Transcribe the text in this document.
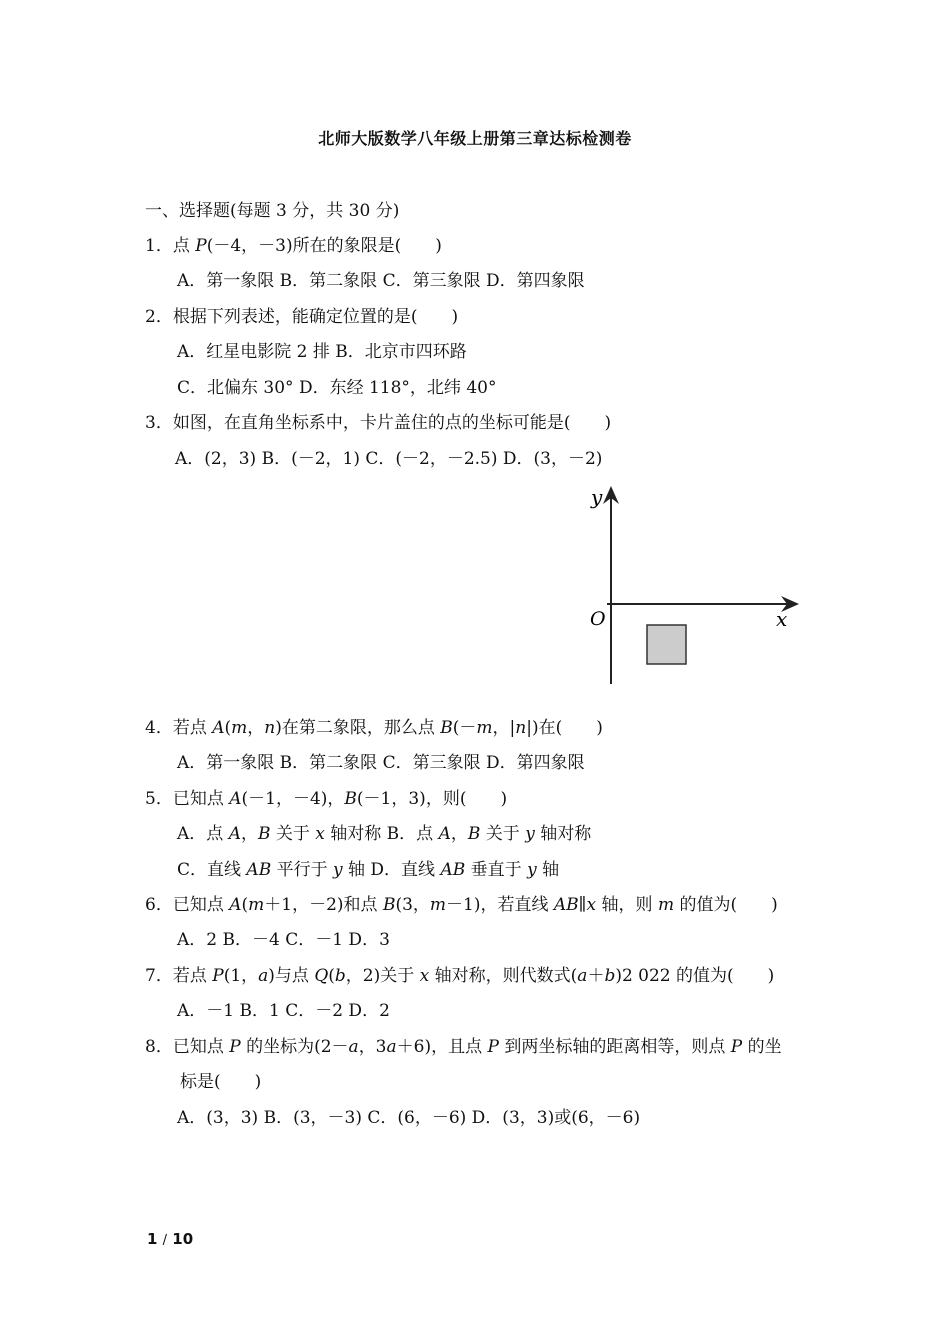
北师大版数学八年级上册第三章达标检测卷
一、选择题(每题 3 分，共 30 分)
1．点 P(－4，－3)所在的象限是(　　)
A．第一象限 B．第二象限 C．第三象限 D．第四象限
2．根据下列表述，能确定位置的是(　　)
A．红星电影院 2 排 B．北京市四环路
C．北偏东 30° D．东经 118°，北纬 40°
3．如图，在直角坐标系中，卡片盖住的点的坐标可能是(　　)
A．(2，3) B．(－2，1) C．(－2，－2.5) D．(3，－2)
y
x
O
4．若点 A(m，n)在第二象限，那么点 B(－m，|n|)在(　　)
A．第一象限 B．第二象限 C．第三象限 D．第四象限
5．已知点 A(－1，－4)，B(－1，3)，则(　　)
A．点 A，B 关于 x 轴对称 B．点 A，B 关于 y 轴对称
C．直线 AB 平行于 y 轴 D．直线 AB 垂直于 y 轴
6．已知点 A(m＋1，－2)和点 B(3，m－1)，若直线 AB∥x 轴，则 m 的值为(　　)
A．2 B．－4 C．－1 D．3
7．若点 P(1，a)与点 Q(b，2)关于 x 轴对称，则代数式(a＋b)2 022 的值为(　　)
A．－1 B．1 C．－2 D．2
8．已知点 P 的坐标为(2－a，3a＋6)，且点 P 到两坐标轴的距离相等，则点 P 的坐
标是(　　)
A．(3，3) B．(3，－3) C．(6，－6) D．(3，3)或(6，－6)
1 / 10
